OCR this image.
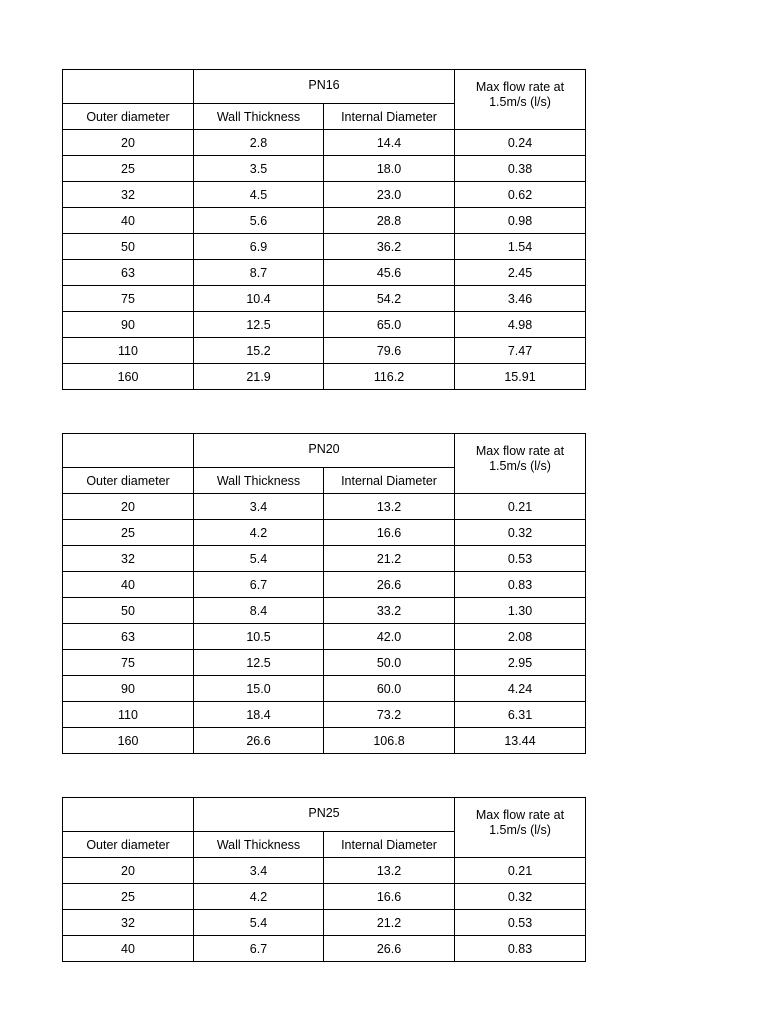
	PN16		Max flow rate at
1.5m/s (l/s)

Outer diameter	Wall Thickness	Internal Diameter	
20	2.8	14.4	0.24
25	3.5	18.0	0.38
32	4.5	23.0	0.62
40	5.6	28.8	0.98
50	6.9	36.2	1.54
63	8.7	45.6	2.45
75	10.4	54.2	3.46
90	12.5	65.0	4.98
110	15.2	79.6	7.47
160	21.9	116.2	15.91
	PN20		Max flow rate at
1.5m/s (l/s)

Outer diameter	Wall Thickness	Internal Diameter	
20	3.4	13.2	0.21
25	4.2	16.6	0.32
32	5.4	21.2	0.53
40	6.7	26.6	0.83
50	8.4	33.2	1.30
63	10.5	42.0	2.08
75	12.5	50.0	2.95
90	15.0	60.0	4.24
110	18.4	73.2	6.31
160	26.6	106.8	13.44
	PN25		Max flow rate at
1.5m/s (l/s)

Outer diameter	Wall Thickness	Internal Diameter	
20	3.4	13.2	0.21
25	4.2	16.6	0.32
32	5.4	21.2	0.53
40	6.7	26.6	0.83
